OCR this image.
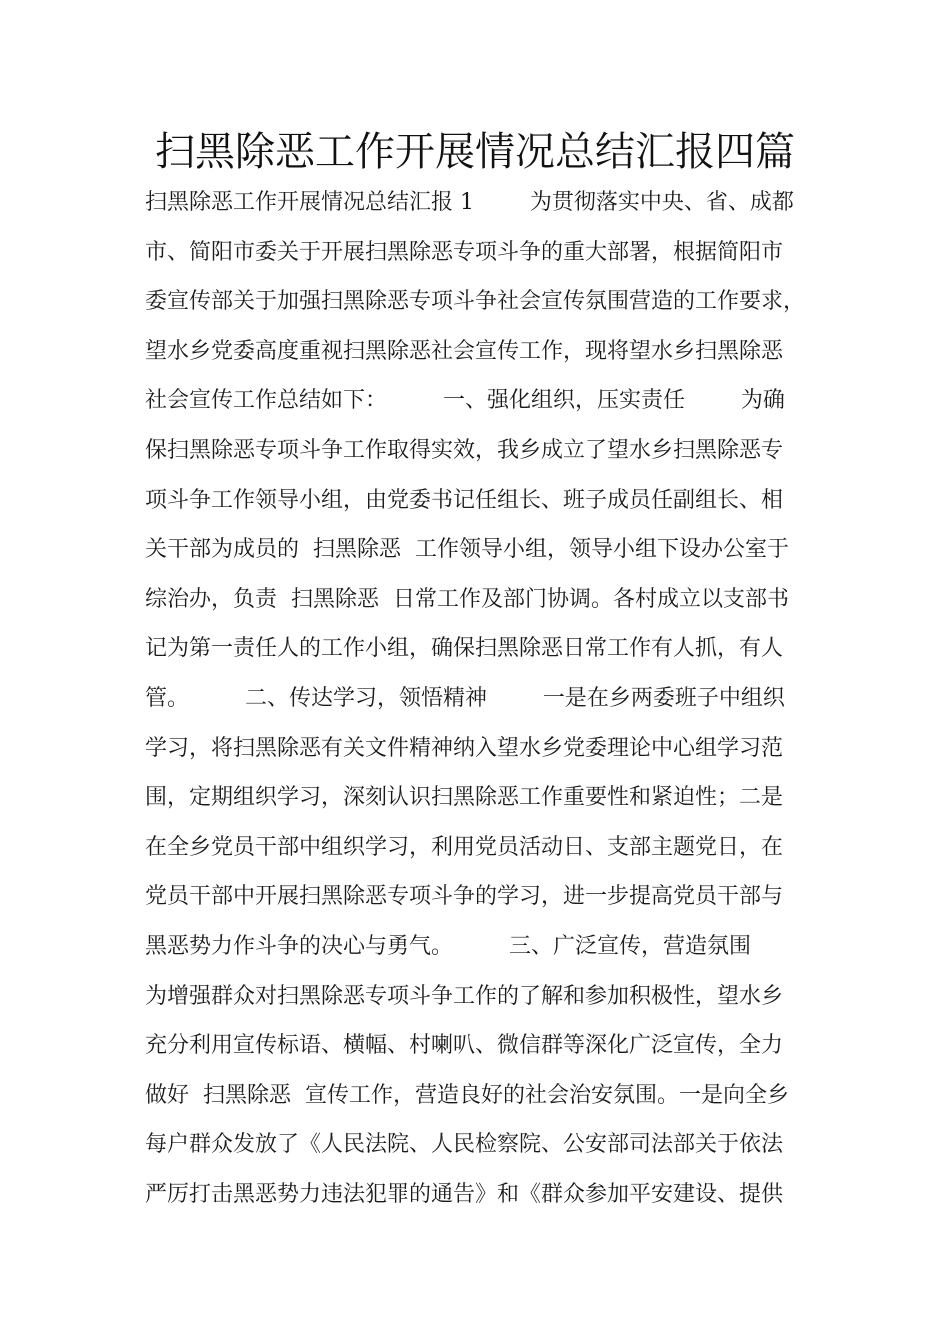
扫黑除恶工作开展情况总结汇报四篇
扫黑除恶工作开展情况总结汇报 1        为贯彻落实中央、省、成都
市、简阳市委关于开展扫黑除恶专项斗争的重大部署，根据简阳市
委宣传部关于加强扫黑除恶专项斗争社会宣传氛围营造的工作要求，
望水乡党委高度重视扫黑除恶社会宣传工作，现将望水乡扫黑除恶
社会宣传工作总结如下：        一、强化组织，压实责任        为确
保扫黑除恶专项斗争工作取得实效，我乡成立了望水乡扫黑除恶专
项斗争工作领导小组，由党委书记任组长、班子成员任副组长、相
关干部为成员的  扫黑除恶  工作领导小组，领导小组下设办公室于
综治办，负责  扫黑除恶  日常工作及部门协调。各村成立以支部书
记为第一责任人的工作小组，确保扫黑除恶日常工作有人抓，有人
管。        二、传达学习，领悟精神        一是在乡两委班子中组织
学习，将扫黑除恶有关文件精神纳入望水乡党委理论中心组学习范
围，定期组织学习，深刻认识扫黑除恶工作重要性和紧迫性；二是
在全乡党员干部中组织学习，利用党员活动日、支部主题党日，在
党员干部中开展扫黑除恶专项斗争的学习，进一步提高党员干部与
黑恶势力作斗争的决心与勇气。        三、广泛宣传，营造氛围
为增强群众对扫黑除恶专项斗争工作的了解和参加积极性，望水乡
充分利用宣传标语、横幅、村喇叭、微信群等深化广泛宣传，全力
做好  扫黑除恶  宣传工作，营造良好的社会治安氛围。一是向全乡
每户群众发放了《人民法院、人民检察院、公安部司法部关于依法
严厉打击黑恶势力违法犯罪的通告》和《群众参加平安建设、提供
